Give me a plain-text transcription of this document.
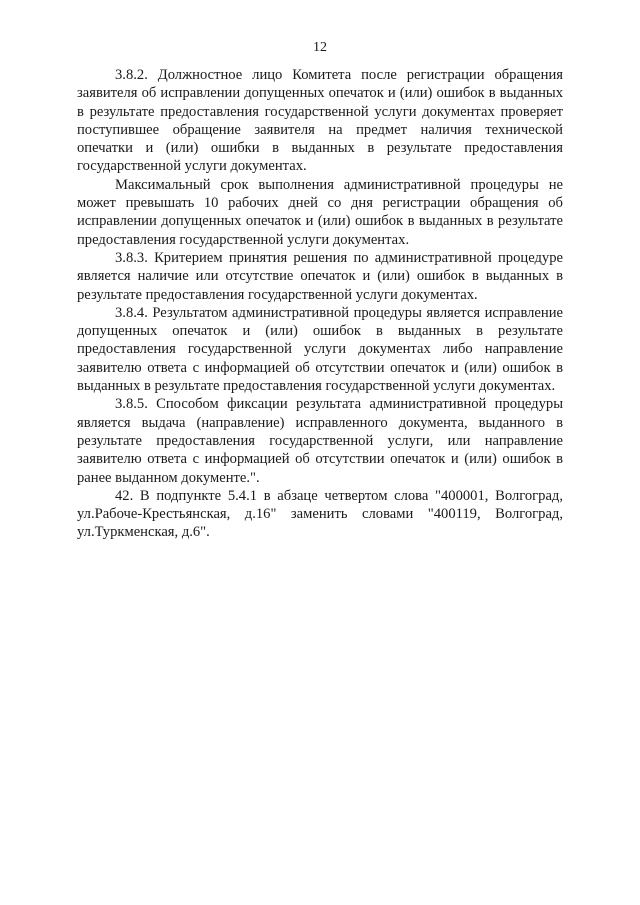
12

3.8.2. Должностное лицо Комитета после регистрации обращения заявителя об исправлении допущенных опечаток и (или) ошибок в выданных в результате предоставления государственной услуги документах проверяет поступившее обращение заявителя на предмет наличия технической опечатки и (или) ошибки в выданных в результате предоставления государственной услуги документах.

Максимальный срок выполнения административной процедуры не может превышать 10 рабочих дней со дня регистрации обращения об исправлении допущенных опечаток и (или) ошибок в выданных в результате предоставления государственной услуги документах.

3.8.3. Критерием принятия решения по административной процедуре является наличие или отсутствие опечаток и (или) ошибок в выданных в результате предоставления государственной услуги документах.

3.8.4. Результатом административной процедуры является исправление допущенных опечаток и (или) ошибок в выданных в результате предоставления государственной услуги документах либо направление заявителю ответа с информацией об отсутствии опечаток и (или) ошибок в выданных в результате предоставления государственной услуги документах.

3.8.5. Способом фиксации результата административной процедуры является выдача (направление) исправленного документа, выданного в результате предоставления государственной услуги, или направление заявителю ответа с информацией об отсутствии опечаток и (или) ошибок в ранее выданном документе.".

42. В подпункте 5.4.1 в абзаце четвертом слова "400001, Волгоград, ул.Рабоче-Крестьянская, д.16" заменить словами "400119, Волгоград, ул.Туркменская, д.6".
